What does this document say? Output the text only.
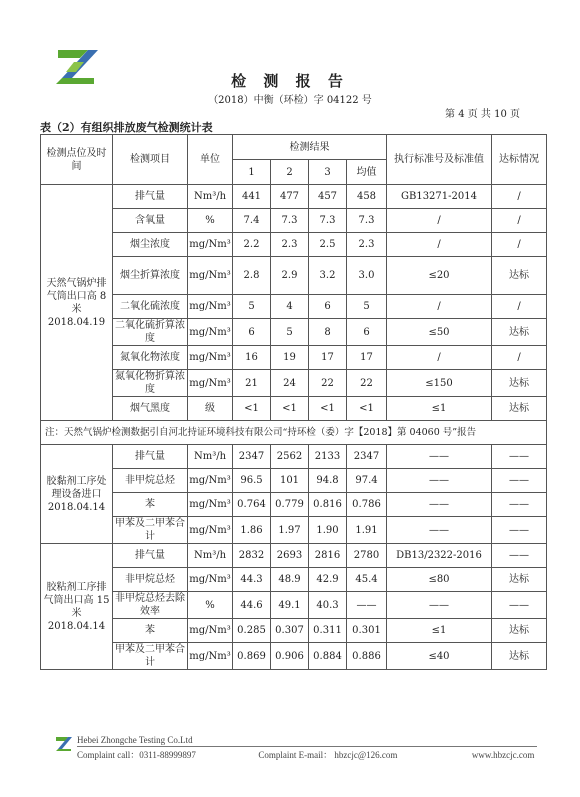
检 测 报 告
（2018）中衡（环检）字 04122 号
第 4 页 共 10 页
表（2）有组织排放废气检测统计表
检测点位及时间	检测项目	单位	检测结果				执行标准号及标准值	达标情况
			1	2	3	均值		
天然气锅炉排气筒出口高 8 米 2018.04.19	排气量	Nm³/h	441	477	457	458	GB13271-2014	/
	含氧量	%	7.4	7.3	7.3	7.3	/	/
	烟尘浓度	mg/Nm³	2.2	2.3	2.5	2.3	/	/
	烟尘折算浓度	mg/Nm³	2.8	2.9	3.2	3.0	≤20	达标
	二氧化硫浓度	mg/Nm³	5	4	6	5	/	/
	二氧化硫折算浓度	mg/Nm³	6	5	8	6	≤50	达标
	氮氧化物浓度	mg/Nm³	16	19	17	17	/	/
	氮氧化物折算浓度	mg/Nm³	21	24	22	22	≤150	达标
	烟气黑度	级	<1	<1	<1	<1	≤1	达标
注：天然气锅炉检测数据引自河北持证环境科技有限公司“持环检（委）字【2018】第 04060 号”报告								
胶黏剂工序处理设备进口 2018.04.14	排气量	Nm³/h	2347	2562	2133	2347	——	——
	非甲烷总烃	mg/Nm³	96.5	101	94.8	97.4	——	——
	苯	mg/Nm³	0.764	0.779	0.816	0.786	——	——
	甲苯及二甲苯合计	mg/Nm³	1.86	1.97	1.90	1.91	——	——
胶粘剂工序排气筒出口高 15 米 2018.04.14	排气量	Nm³/h	2832	2693	2816	2780	DB13/2322-2016	——
	非甲烷总烃	mg/Nm³	44.3	48.9	42.9	45.4	≤80	达标
	非甲烷总烃去除效率	%	44.6	49.1	40.3	——	——	——
	苯	mg/Nm³	0.285	0.307	0.311	0.301	≤1	达标
	甲苯及二甲苯合计	mg/Nm³	0.869	0.906	0.884	0.886	≤40	达标
Hebei Zhongche Testing Co.Ltd
Complaint call：0311-88999897	Complaint E-mail： hbzcjc@126.com	www.hbzcjc.com
